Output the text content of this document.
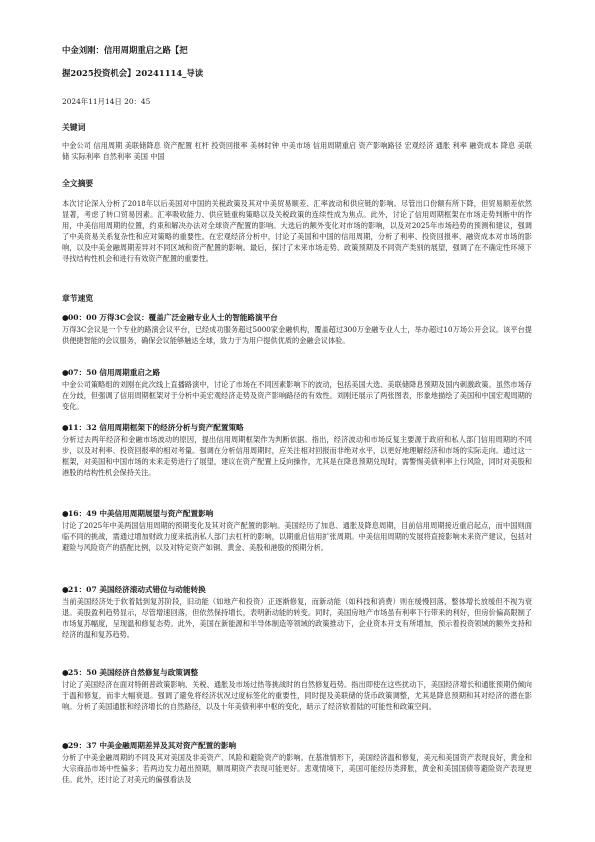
中金刘刚：信用周期重启之路【把
握2025投资机会】20241114_导读
2024年11月14日 20：45
关键词

中金公司 信用周期 美联储降息 资产配置 杠杆 投资回报率 美林时钟 中美市场 信用周期重启 资产影响路径 宏观经济 通胀 利率 融资成本 降息 美联储 实际利率 自然利率 美国 中国

全文摘要

本次讨论深入分析了2018年以后美国对中国的关税政策及其对中美贸易顺差、汇率波动和供应链的影响。尽管出口份额有所下降，但贸易顺差依然显著，考虑了转口贸易因素。汇率吸收能力、供应链重构策略以及关税政策的连续性成为焦点。此外，讨论了信用周期框架在市场走势判断中的作用，中美信用周期的位置，约束和解决办法对全球资产配置的影响。大选后的额外变化对市场的影响，以及对2025年市场趋势的预测和建议，强调了中美资易关系复杂性和应对策略的重要性。在宏观经济分析中，讨论了美国和中国的信用周期，分析了利率、投资回报率、融资成本对市场的影响，以及中美金融周期差异对不同区域和资产配置的影响。最后，探讨了未来市场走势、政策预期及不同资产类别的展望，强调了在不确定性环境下寻找结构性机会和进行有效资产配置的重要性。

章节速览

●00：00 万得3C会议：覆盖广泛金融专业人士的智能路演平台

万得3C会议是一个专业的路演会议平台，已经成功服务超过5000家金融机构，覆盖超过300万金融专业人士，举办超过10万场公开会议。该平台提供便捷智能的会议服务，确保会议能够触达全球，致力于为用户提供优质的金融会议体验。

●07：50 信用周期重启之路

中金公司策略组的刘刚在此次线上直播路演中，讨论了市场在不同因素影响下的波动，包括美国大选、美联储降息预期及国内刺激政策。虽然市场存在分歧，但强调了信用周期框架对于分析中美宏观经济走势及资产影响路径的有效性。刘刚还展示了两张图表，形象地描绘了美国和中国宏观周期的变化。

●11：32 信用周期框架下的经济分析与资产配置策略

分析过去两年经济和金融市场波动的原因，提出信用周期框架作为判断依据。指出，经济波动和市场反复主要源于政府和私人部门信用周期的不同步，以及对利率、投资回报率的相对考量。强调在分析信用周期时，应关注相对回报而非绝对水平，以更好地理解经济和市场的实际走向。通过这一框架，对美国和中国市场的未来走势进行了展望，建议在资产配置上反向操作，尤其是在降息预期兑现时，需警惕美债利率上行风险，同时对美股和港股的结构性机会保持关注。

●16：49 中美信用周期展望与资产配置影响

讨论了2025年中美两国信用周期的预期变化及其对资产配置的影响。美国经历了加息、通胀及降息周期，目前信用周期接近重启起点，而中国则面临不同的挑战，需通过增加财政力度来抵消私人部门去杠杆的影响，以期重启信用扩张周期。中美信用周期的发展将直接影响未来资产建议，包括对避险与风险资产的搭配比例，以及对特定资产如铜、黄金、美股和港股的预期分析。

●21：07 美国经济滚动式错位与动能转换

当前美国经济处于软着陆到复苏阶段，旧动能（如地产和投资）正逐渐修复，而新动能（如科技和消费）则在缓慢回落，整体增长放缓但不视为衰退。美股盈利趋势显示，尽管增速回落，但依然保持增长，表明新动能的转变。同时，美国房地产市场虽有利率下行带来的利好，但房价偏高限制了市场复苏幅度，呈现温和修复态势。此外，美国在新能源和半导体制造等领域的政策推动下，企业资本开支有所增加，预示着投资领域的额外支持和经济的温和复苏趋势。

●25：50 美国经济自然修复与政策调整

讨论了美国经济在面对特朗普政策影响、关税、通胀及市场过热等挑战时的自然修复趋势。指出即使在这些扰动下，美国经济增长和通胀预期仍倾向于温和修复，而非大幅衰退。强调了避免将经济状况过度标签化的重要性，同时提及美联储的货币政策调整，尤其是降息预期和其对经济的潜在影响。分析了美国通胀和经济增长的自然路径，以及十年美债利率中枢的变化，暗示了经济软着陆的可能性和政策空间。

●29：37 中美金融周期差异及其对资产配置的影响

分析了中美金融周期的不同及其对美国及非美资产、风险和避险资产的影响。在基准情形下，美国经济温和修复，美元和美国资产表现良好，黄金和大宗商品市场中性偏多；若两边发力超出预期，顺周期资产表现可能更好。悲观情境下，美国可能经历类滞胀，黄金和美国国债等避险资产表现更佳。此外，还讨论了对美元的偏强看法及
